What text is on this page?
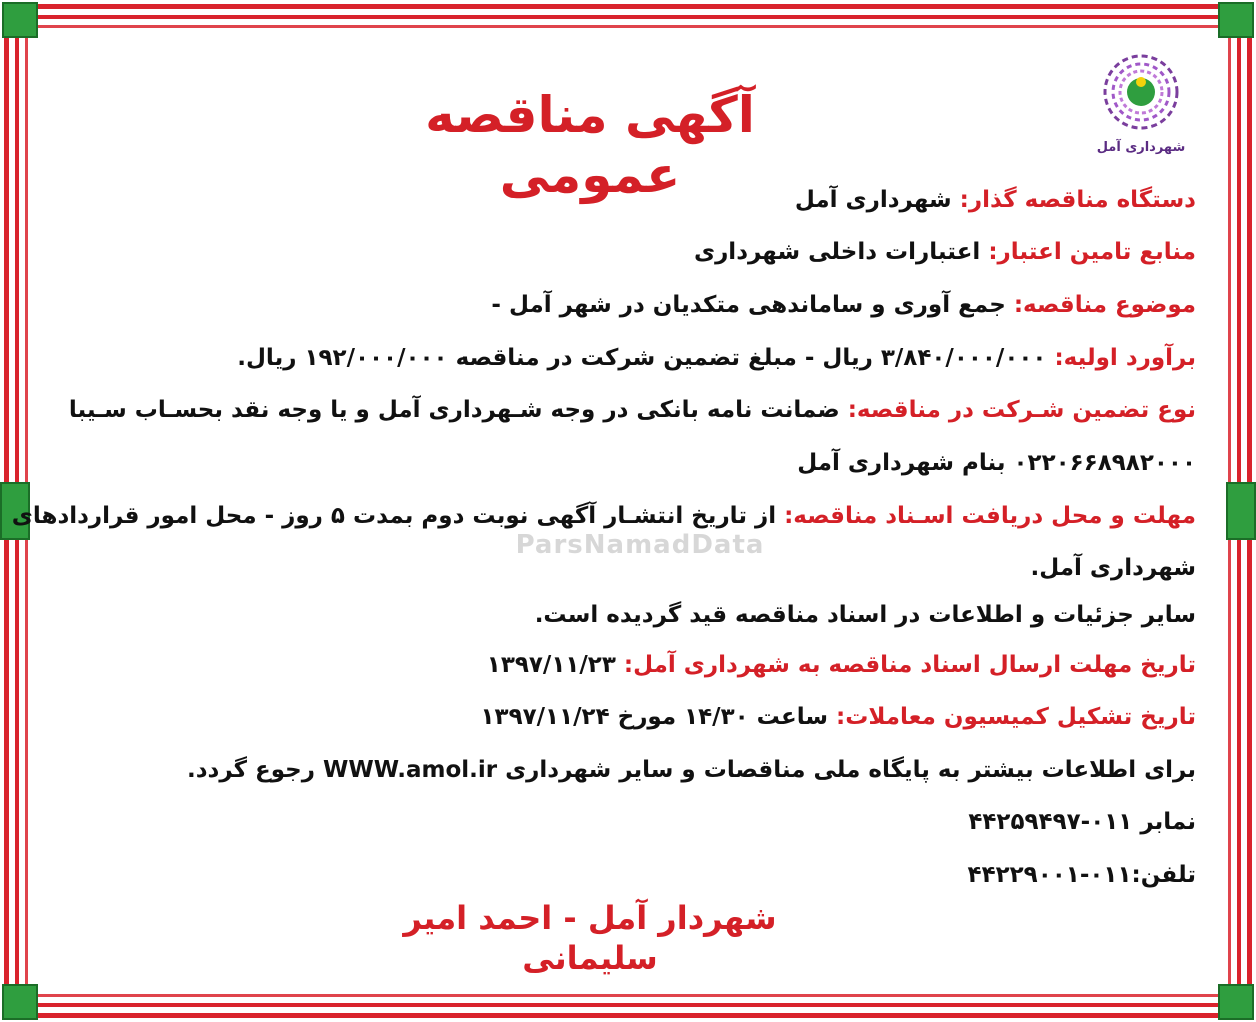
شهرداری آمل
آگهی مناقصه عمومی
ParsNamadData
دستگاه مناقصه گذار: شهرداری آمل
منابع تامین اعتبار: اعتبارات داخلی شهرداری
موضوع مناقصه: جمع آوری و ساماندهی متکدیان در شهر آمل -
برآورد اولیه: ۳/۸۴۰/۰۰۰/۰۰۰ ریال - مبلغ تضمین شرکت در مناقصه ۱۹۲/۰۰۰/۰۰۰ ریال.
نوع تضمین شـرکت در مناقصه: ضمانت نامه بانکی در وجه شـهرداری آمل و یا وجه نقد بحسـاب سـیبا
۰۲۲۰۶۶۸۹۸۲۰۰۰ بنام شهرداری آمل
مهلت و محل دریافت اسـناد مناقصه: از تاریخ انتشـار آگهی نوبت دوم بمدت ۵ روز - محل امور قراردادهای
شهرداری آمل.
سایر جزئیات و اطلاعات در اسناد مناقصه قید گردیده است.
تاریخ مهلت ارسال اسناد مناقصه به شهرداری آمل: ۱۳۹۷/۱۱/۲۳
تاریخ تشکیل کمیسیون معاملات: ساعت ۱۴/۳۰ مورخ ۱۳۹۷/۱۱/۲۴
برای اطلاعات بیشتر به پایگاه ملی مناقصات و سایر شهرداری WWW.amol.ir رجوع گردد.
نمابر ۰۱۱-۴۴۲۵۹۴۹۷
تلفن:۰۱۱-۴۴۲۲۹۰۰۱
شهردار آمل - احمد امیر سلیمانی
